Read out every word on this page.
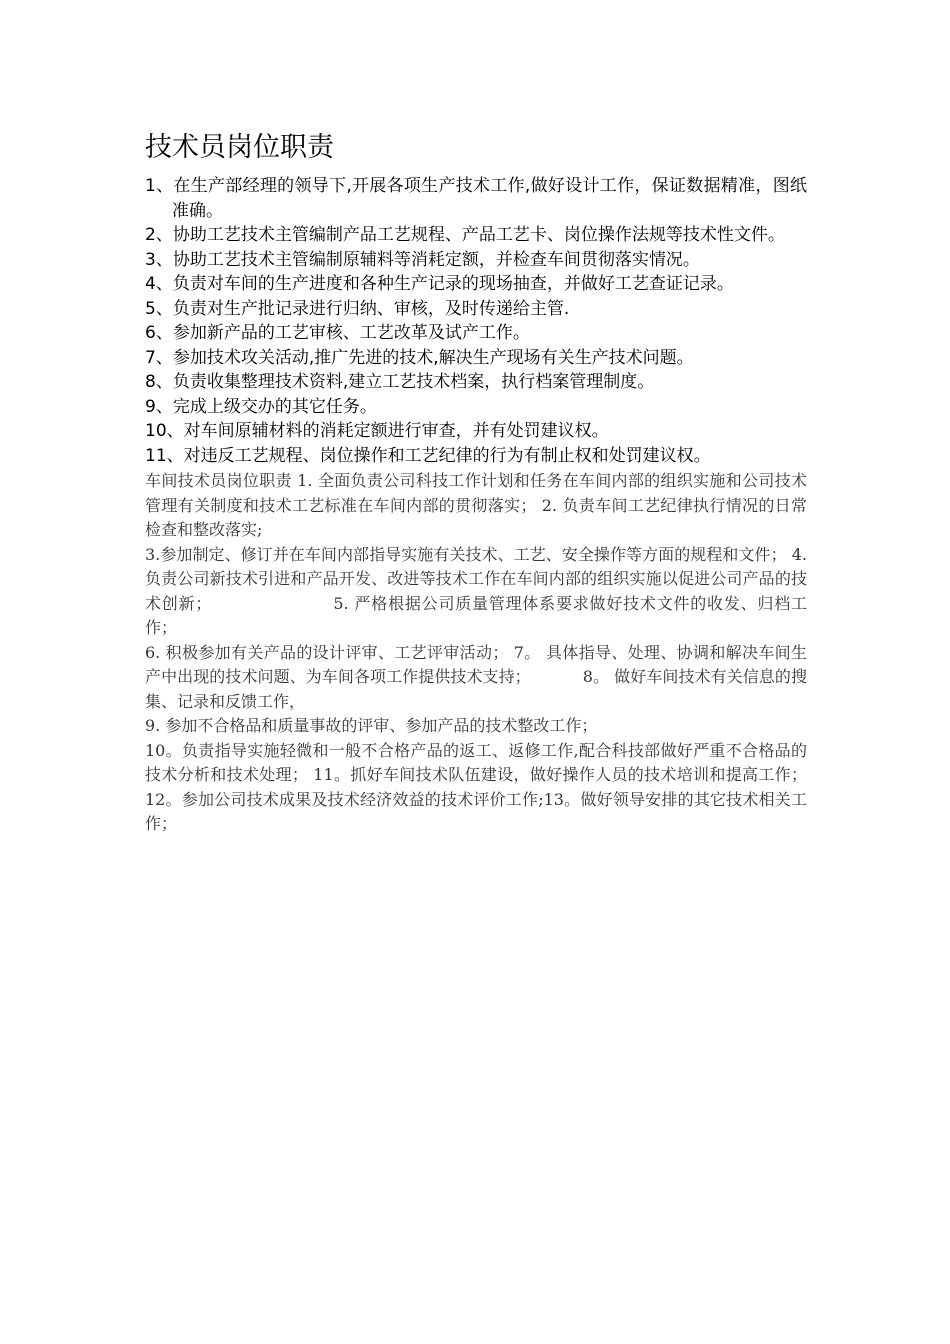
技术员岗位职责
1、在生产部经理的领导下,开展各项生产技术工作,做好设计工作，保证数据精准，图纸准确。
2、协助工艺技术主管编制产品工艺规程、产品工艺卡、岗位操作法规等技术性文件。
3、协助工艺技术主管编制原辅料等消耗定额，并检查车间贯彻落实情况。
4、负责对车间的生产进度和各种生产记录的现场抽查，并做好工艺查证记录。
5、负责对生产批记录进行归纳、审核，及时传递给主管.
6、参加新产品的工艺审核、工艺改革及试产工作。
7、参加技术攻关活动,推广先进的技术,解决生产现场有关生产技术问题。
8、负责收集整理技术资料,建立工艺技术档案，执行档案管理制度。
9、完成上级交办的其它任务。
10、对车间原辅材料的消耗定额进行审查，并有处罚建议权。
11、对违反工艺规程、岗位操作和工艺纪律的行为有制止权和处罚建议权。

车间技术员岗位职责 1. 全面负责公司科技工作计划和任务在车间内部的组织实施和公司技术管理有关制度和技术工艺标准在车间内部的贯彻落实； 2. 负责车间工艺纪律执行情况的日常检查和整改落实;

3.参加制定、修订并在车间内部指导实施有关技术、工艺、安全操作等方面的规程和文件； 4. 负责公司新技术引进和产品开发、改进等技术工作在车间内部的组织实施以促进公司产品的技术创新；	5. 严格根据公司质量管理体系要求做好技术文件的收发、归档工作；

6. 积极参加有关产品的设计评审、工艺评审活动； 7。 具体指导、处理、协调和解决车间生产中出现的技术问题、为车间各项工作提供技术支持；	8。 做好车间技术有关信息的搜集、记录和反馈工作，

9. 参加不合格品和质量事故的评审、参加产品的技术整改工作；

10。负责指导实施轻微和一般不合格产品的返工、返修工作,配合科技部做好严重不合格品的技术分析和技术处理； 11。抓好车间技术队伍建设，做好操作人员的技术培训和提高工作； 12。参加公司技术成果及技术经济效益的技术评价工作;13。做好领导安排的其它技术相关工作；
